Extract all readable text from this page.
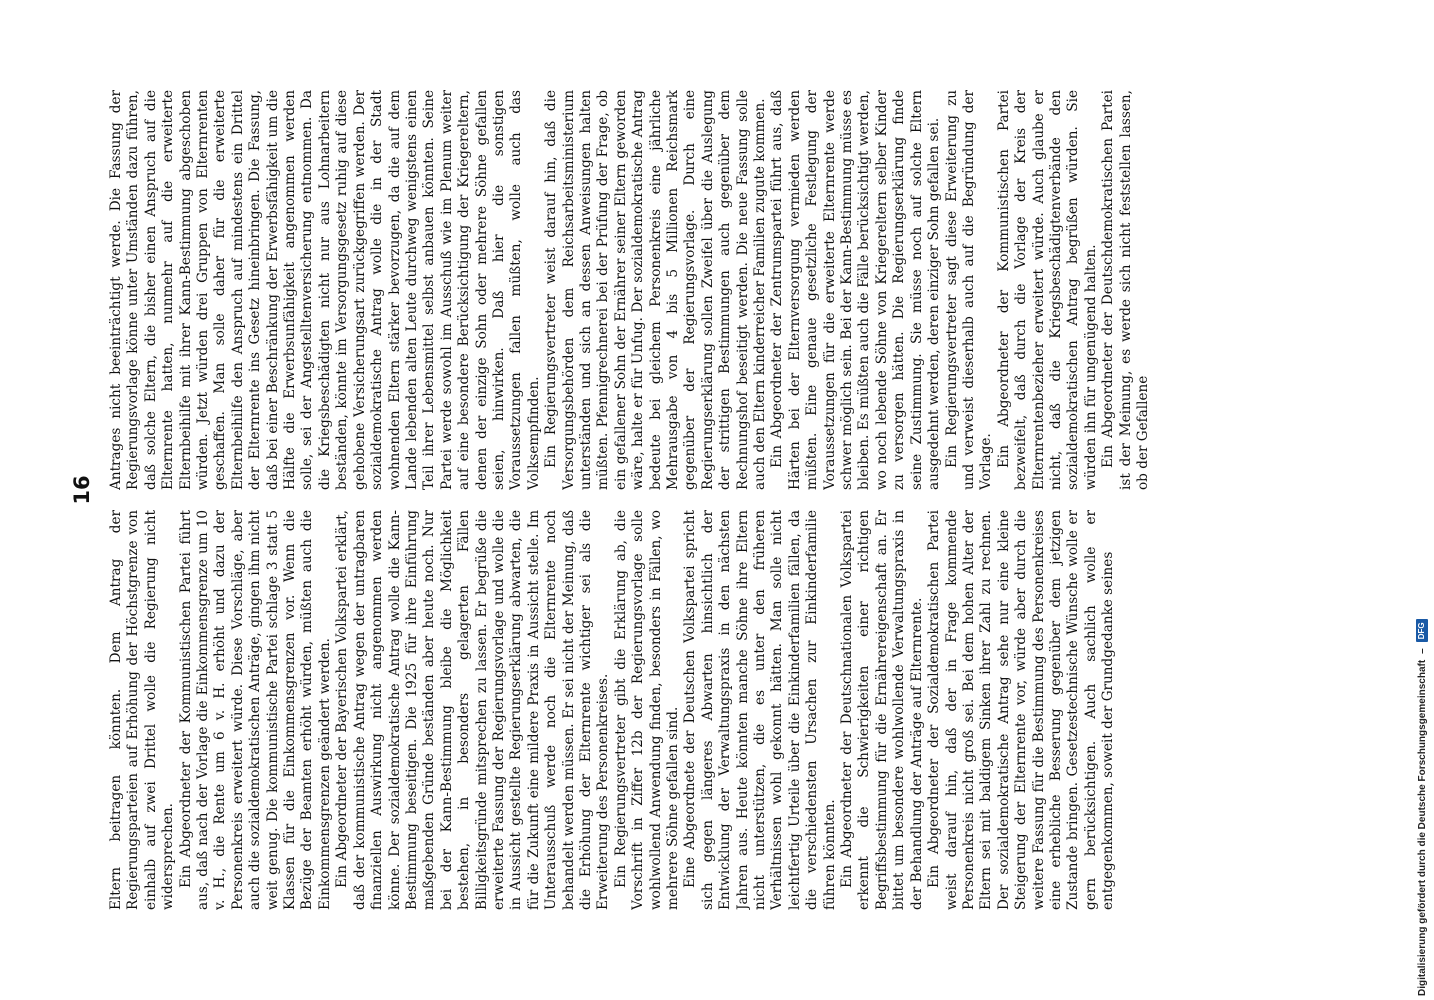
16

Eltern beitragen könnten. Dem Antrag der Regierungsparteien auf Erhöhung der Höchstgrenze von einhalb auf zwei Drittel wolle die Regierung nicht widersprechen. Ein Abgeordneter der Kommunistischen Partei führt aus, daß nach der Vorlage die Einkommensgrenze um 10 v. H., die Rente um 6 v. H. erhöht und dazu der Personenkreis erweitert würde. Diese Vorschläge, aber auch die sozialdemokratischen Anträge, gingen ihm nicht weit genug. Die kommunistische Partei schlage 3 statt 5 Klassen für die Einkommensgrenzen vor. Wenn die Bezüge der Beamten erhöht würden, müßten auch die Einkommensgrenzen geändert werden. Ein Abgeordneter der Bayerischen Volkspartei erklärt, daß der kommunistische Antrag wegen der untragbaren finanziellen Auswirkung nicht angenommen werden könne. Der sozialdemokratische Antrag wolle die Kann-Bestimmung beseitigen. Die 1925 für ihre Einführung maßgebenden Gründe beständen aber heute noch. Nur bei der Kann-Bestimmung bleibe die Möglichkeit bestehen, in besonders gelagerten Fällen Billigkeitsgründe mitsprechen zu lassen. Er begrüße die erweiterte Fassung der Regierungsvorlage und wolle die in Aussicht gestellte Regierungserklärung abwarten, die für die Zukunft eine mildere Praxis in Aussicht stelle. Im Unterausschuß werde noch die Elternrente noch behandelt werden müssen. Er sei nicht der Meinung, daß die Erhöhung der Elternrente wichtiger sei als die Erweiterung des Personenkreises. Ein Regierungsvertreter gibt die Erklärung ab, die Vorschrift in Ziffer 12b der Regierungsvorlage solle wohlwollend Anwendung finden, besonders in Fällen, wo mehrere Söhne gefallen sind. Eine Abgeordnete der Deutschen Volkspartei spricht sich gegen längeres Abwarten hinsichtlich der Entwicklung der Verwaltungspraxis in den nächsten Jahren aus. Heute könnten manche Söhne ihre Eltern nicht unterstützen, die es unter den früheren Verhältnissen wohl gekonnt hätten. Man solle nicht leichtfertig Urteile über die Einkinderfamilien fällen, da die verschiedensten Ursachen zur Einkinderfamilie führen könnten. Ein Abgeordneter der Deutschnationalen Volkspartei erkennt die Schwierigkeiten einer richtigen Begriffsbestimmung für die Ernährereigenschaft an. Er bittet um besondere wohlwollende Verwaltungspraxis in der Behandlung der Anträge auf Elternrente. Ein Abgeordneter der Sozialdemokratischen Partei weist darauf hin, daß der in Frage kommende Personenkreis nicht groß sei. Bei dem hohen Alter der Eltern sei mit baldigem Sinken ihrer Zahl zu rechnen. Der sozialdemokratische Antrag sehe nur eine kleine Steigerung der Elternrente vor, würde aber durch die weitere Fassung für die Bestimmung des Personenkreises eine erhebliche Besserung gegenüber dem jetzigen Zustande bringen. Gesetzestechnische Wünsche wolle er gern berücksichtigen. Auch sachlich wolle er entgegenkommen, soweit der Grundgedanke seines

Antrages nicht beeinträchtigt werde. Die Fassung der Regierungsvorlage könne unter Umständen dazu führen, daß solche Eltern, die bisher einen Anspruch auf die Elternrente hatten, nunmehr auf die erweiterte Elternbeihilfe mit ihrer Kann-Bestimmung abgeschoben würden. Jetzt würden drei Gruppen von Elternrenten geschaffen. Man solle daher für die erweiterte Elternbeihilfe den Anspruch auf mindestens ein Drittel der Elternrente ins Gesetz hineinbringen. Die Fassung, daß bei einer Beschränkung der Erwerbsfähigkeit um die Hälfte die Erwerbsunfähigkeit angenommen werden solle, sei der Angestelltenversicherung entnommen. Da die Kriegsbeschädigten nicht nur aus Lohnarbeitern beständen, könnte im Versorgungsgesetz ruhig auf diese gehobene Versicherungsart zurückgegriffen werden. Der sozialdemokratische Antrag wolle die in der Stadt wohnenden Eltern stärker bevorzugen, da die auf dem Lande lebenden alten Leute durchweg wenigstens einen Teil ihrer Lebensmittel selbst anbauen könnten. Seine Partei werde sowohl im Ausschuß wie im Plenum weiter auf eine besondere Berücksichtigung der Kriegereltern, denen der einzige Sohn oder mehrere Söhne gefallen seien, hinwirken. Daß hier die sonstigen Voraussetzungen fallen müßten, wolle auch das Volksempfinden. Ein Regierungsvertreter weist darauf hin, daß die Versorgungsbehörden dem Reichsarbeitsministerium unterständen und sich an dessen Anweisungen halten müßten. Pfennigrechnerei bei der Prüfung der Frage, ob ein gefallener Sohn der Ernährer seiner Eltern geworden wäre, halte er für Unfug. Der sozialdemokratische Antrag bedeute bei gleichem Personenkreis eine jährliche Mehrausgabe von 4 bis 5 Millionen Reichsmark gegenüber der Regierungsvorlage. Durch eine Regierungserklärung sollen Zweifel über die Auslegung der strittigen Bestimmungen auch gegenüber dem Rechnungshof beseitigt werden. Die neue Fassung solle auch den Eltern kinderreicher Familien zugute kommen. Ein Abgeordneter der Zentrumspartei führt aus, daß Härten bei der Elternversorgung vermieden werden müßten. Eine genaue gesetzliche Festlegung der Voraussetzungen für die erweiterte Elternrente werde schwer möglich sein. Bei der Kann-Bestimmung müsse es bleiben. Es müßten auch die Fälle berücksichtigt werden, wo noch lebende Söhne von Kriegereltern selber Kinder zu versorgen hätten. Die Regierungserklärung finde seine Zustimmung. Sie müsse noch auf solche Eltern ausgedehnt werden, deren einziger Sohn gefallen sei. Ein Regierungsvertreter sagt diese Erweiterung zu und verweist dieserhalb auch auf die Begründung der Vorlage. Ein Abgeordneter der Kommunistischen Partei bezweifelt, daß durch die Vorlage der Kreis der Elternrentenbezieher erweitert würde. Auch glaube er nicht, daß die Kriegsbeschädigtenverbände den sozialdemokratischen Antrag begrüßen würden. Sie würden ihn für ungenügend halten. Ein Abgeordneter der Deutschdemokratischen Partei ist der Meinung, es werde sich nicht feststellen lassen, ob der Gefallene

Digitalisierung gefördert durch die Deutsche Forschungsgemeinschaft
–
DFG
